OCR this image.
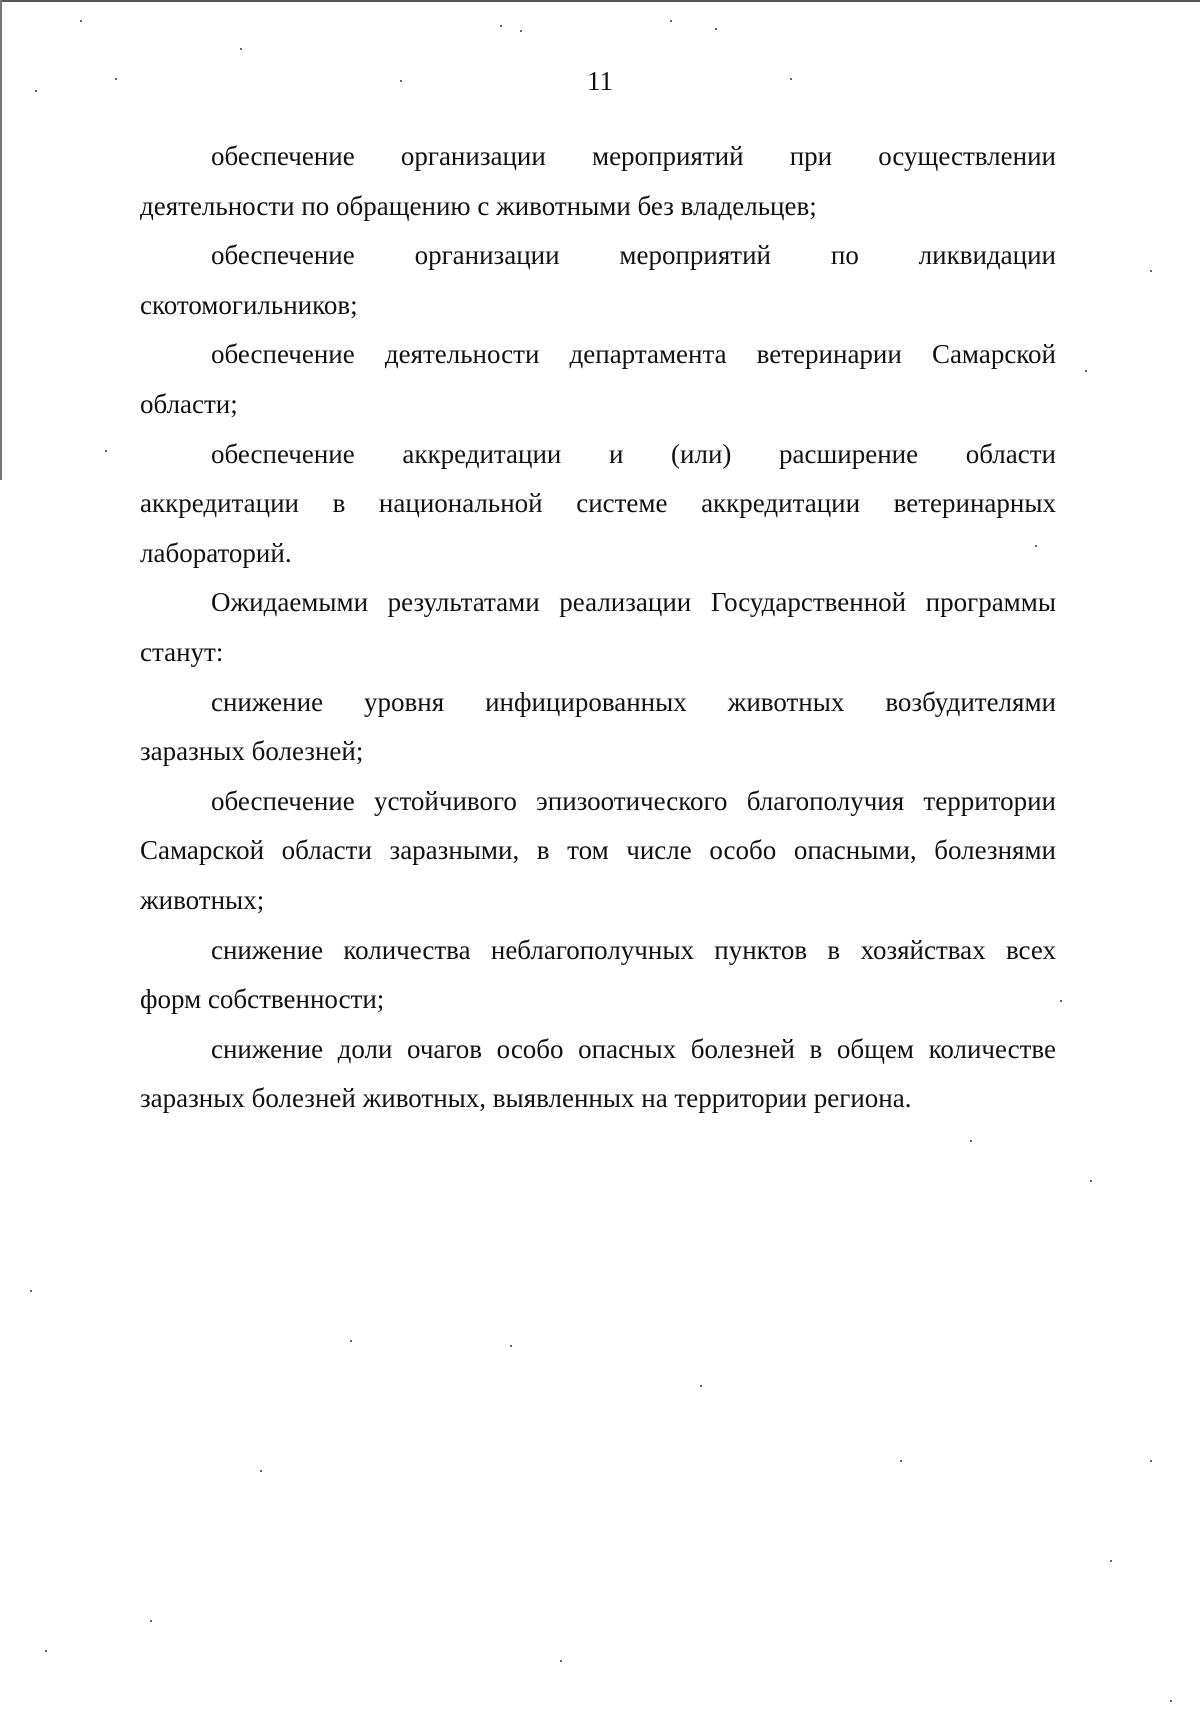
11
обеспечение организации мероприятий при осуществлении
деятельности по обращению с животными без владельцев;
обеспечение организации мероприятий по ликвидации
скотомогильников;
обеспечение деятельности департамента ветеринарии Самарской
области;
обеспечение аккредитации и (или) расширение области
аккредитации в национальной системе аккредитации ветеринарных
лабораторий.
Ожидаемыми результатами реализации Государственной программы
станут:
снижение уровня инфицированных животных возбудителями
заразных болезней;
обеспечение устойчивого эпизоотического благополучия территории
Самарской области заразными, в том числе особо опасными, болезнями
животных;
снижение количества неблагополучных пунктов в хозяйствах всех
форм собственности;
снижение доли очагов особо опасных болезней в общем количестве
заразных болезней животных, выявленных на территории региона.
